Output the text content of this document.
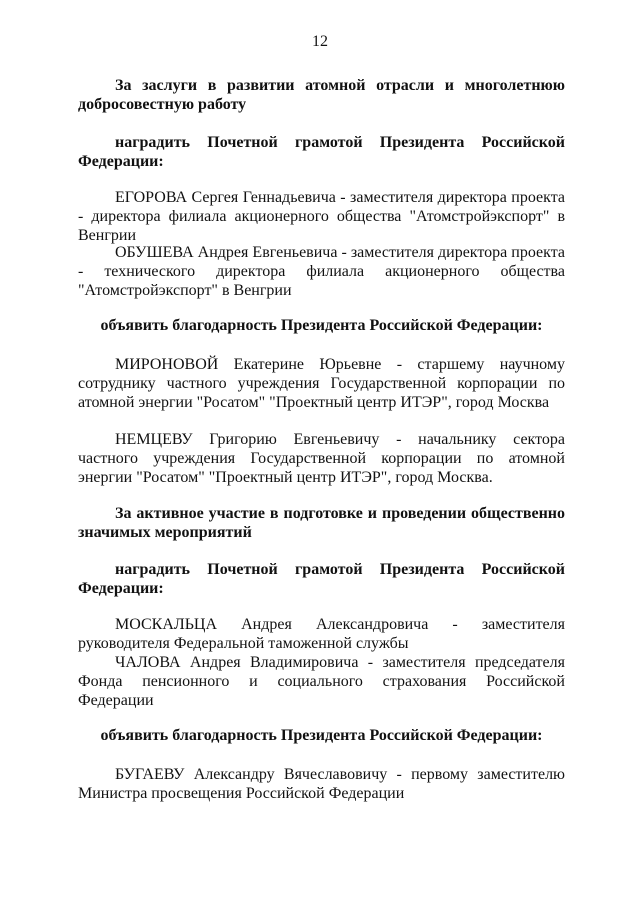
12
За заслуги в развитии атомной отрасли и многолетнюю добросовестную работу
наградить Почетной грамотой Президента Российской Федерации:
ЕГОРОВА Сергея Геннадьевича - заместителя директора проекта - директора филиала акционерного общества "Атомстройэкспорт" в Венгрии
ОБУШЕВА Андрея Евгеньевича - заместителя директора проекта - технического директора филиала акционерного общества "Атомстройэкспорт" в Венгрии
объявить благодарность Президента Российской Федерации:
МИРОНОВОЙ Екатерине Юрьевне - старшему научному сотруднику частного учреждения Государственной корпорации по атомной энергии "Росатом" "Проектный центр ИТЭР", город Москва
НЕМЦЕВУ Григорию Евгеньевичу - начальнику сектора частного учреждения Государственной корпорации по атомной энергии "Росатом" "Проектный центр ИТЭР", город Москва.
За активное участие в подготовке и проведении общественно значимых мероприятий
наградить Почетной грамотой Президента Российской Федерации:
МОСКАЛЬЦА Андрея Александровича - заместителя руководителя Федеральной таможенной службы
ЧАЛОВА Андрея Владимировича - заместителя председателя Фонда пенсионного и социального страхования Российской Федерации
объявить благодарность Президента Российской Федерации:
БУГАЕВУ Александру Вячеславовичу - первому заместителю Министра просвещения Российской Федерации
